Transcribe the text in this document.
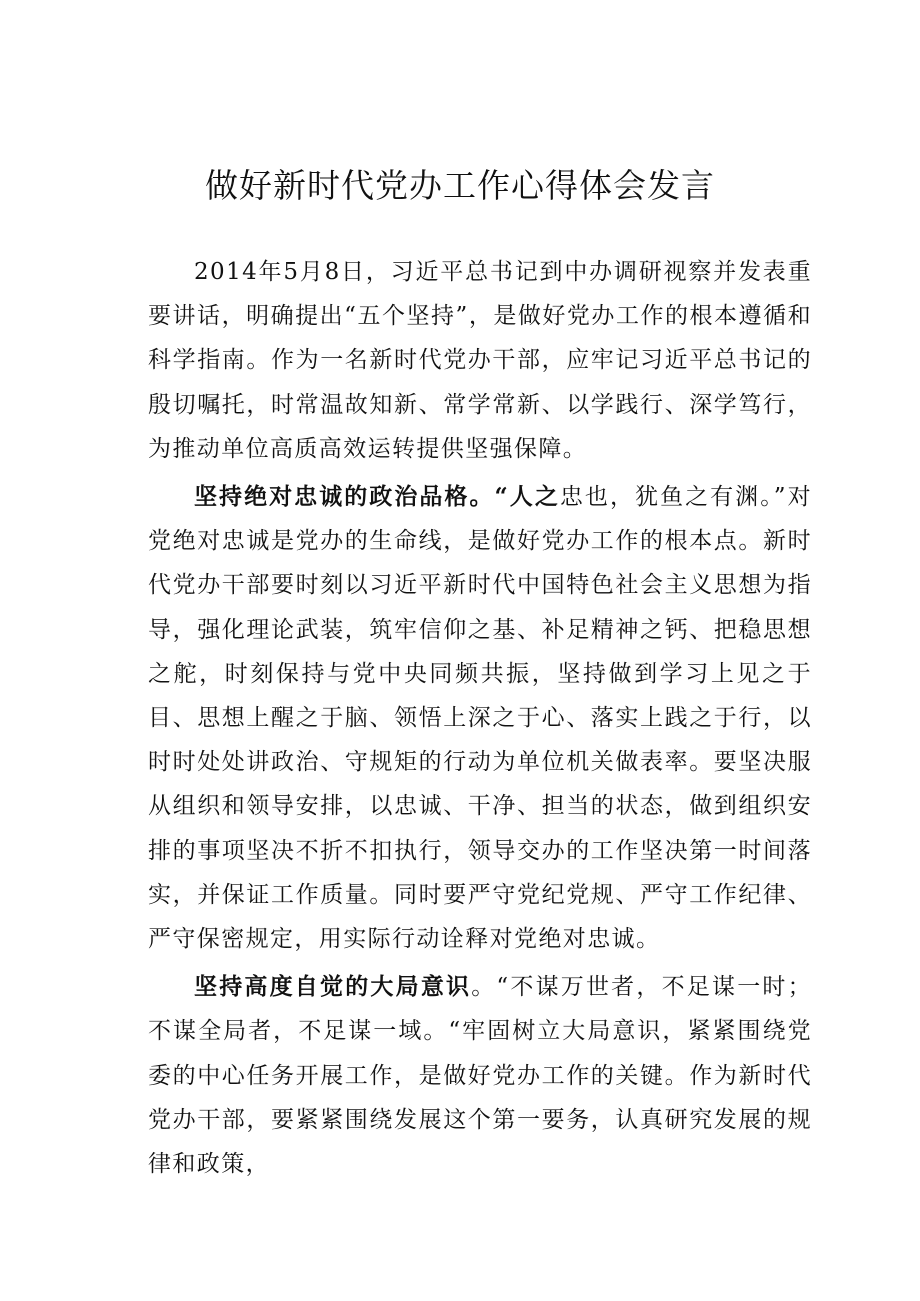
做好新时代党办工作心得体会发言

2014年5月8日，习近平总书记到中办调研视察并发表重要讲话，明确提出“五个坚持”，是做好党办工作的根本遵循和科学指南。作为一名新时代党办干部，应牢记习近平总书记的殷切嘱托，时常温故知新、常学常新、以学践行、深学笃行，为推动单位高质高效运转提供坚强保障。

坚持绝对忠诚的政治品格。“人之忠也，犹鱼之有渊。”对党绝对忠诚是党办的生命线，是做好党办工作的根本点。新时代党办干部要时刻以习近平新时代中国特色社会主义思想为指导，强化理论武装，筑牢信仰之基、补足精神之钙、把稳思想之舵，时刻保持与党中央同频共振，坚持做到学习上见之于目、思想上醒之于脑、领悟上深之于心、落实上践之于行，以时时处处讲政治、守规矩的行动为单位机关做表率。要坚决服从组织和领导安排，以忠诚、干净、担当的状态，做到组织安排的事项坚决不折不扣执行，领导交办的工作坚决第一时间落实，并保证工作质量。同时要严守党纪党规、严守工作纪律、严守保密规定，用实际行动诠释对党绝对忠诚。

坚持高度自觉的大局意识。“不谋万世者，不足谋一时；不谋全局者，不足谋一域。“牢固树立大局意识，紧紧围绕党委的中心任务开展工作，是做好党办工作的关键。作为新时代党办干部，要紧紧围绕发展这个第一要务，认真研究发展的规律和政策，
